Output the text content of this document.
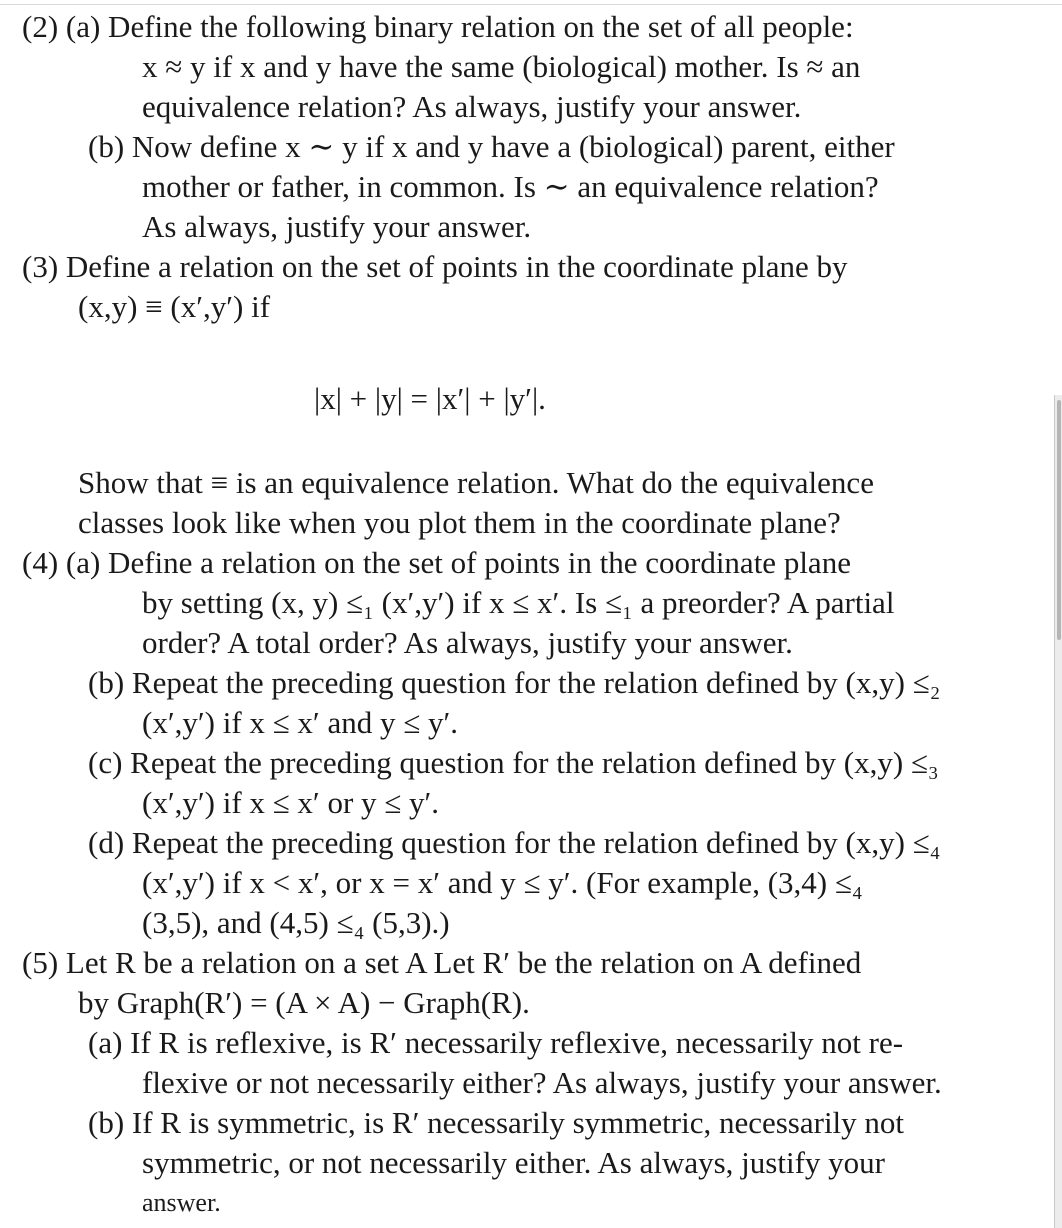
(2) (a) Define the following binary relation on the set of all people:

x ≈ y if x and y have the same (biological) mother. Is ≈ an

equivalence relation? As always, justify your answer.

(b) Now define x ∼ y if x and y have a (biological) parent, either

mother or father, in common. Is ∼ an equivalence relation?

As always, justify your answer.

(3) Define a relation on the set of points in the coordinate plane by

(x,y) ≡ (x′,y′) if

|x| + |y| = |x′| + |y′|.

Show that ≡ is an equivalence relation. What do the equivalence

classes look like when you plot them in the coordinate plane?

(4) (a) Define a relation on the set of points in the coordinate plane

by setting (x, y) ≤₁ (x′,y′) if x ≤ x′. Is ≤₁ a preorder? A partial

order? A total order? As always, justify your answer.

(b) Repeat the preceding question for the relation defined by (x,y) ≤₂

(x′,y′) if x ≤ x′ and y ≤ y′.

(c) Repeat the preceding question for the relation defined by (x,y) ≤₃

(x′,y′) if x ≤ x′ or y ≤ y′.

(d) Repeat the preceding question for the relation defined by (x,y) ≤₄

(x′,y′) if x < x′, or x = x′ and y ≤ y′. (For example, (3,4) ≤₄

(3,5), and (4,5) ≤₄ (5,3).)

(5) Let R be a relation on a set A Let R′ be the relation on A defined

by Graph(R′) = (A × A) − Graph(R).

(a) If R is reflexive, is R′ necessarily reflexive, necessarily not re-

flexive or not necessarily either? As always, justify your answer.

(b) If R is symmetric, is R′ necessarily symmetric, necessarily not

symmetric, or not necessarily either. As always, justify your

answer.
